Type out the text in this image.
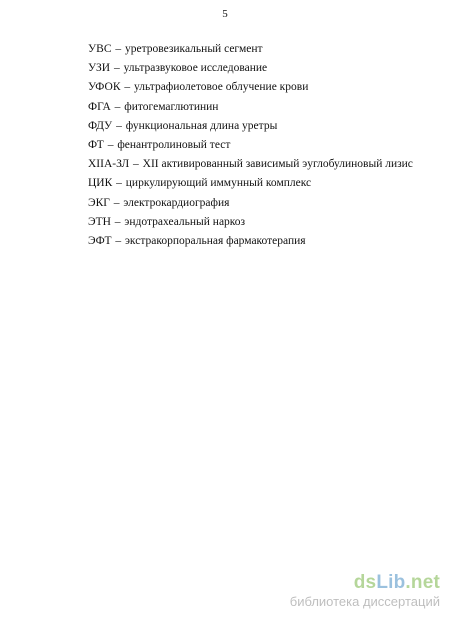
5
УВС – уретровезикальный сегмент
УЗИ – ультразвуковое исследование
УФОК – ультрафиолетовое облучение крови
ФГА – фитогемаглютинин
ФДУ – функциональная длина уретры
ФТ – фенантролиновый тест
XIIA-ЗЛ – XII активированный зависимый эуглобулиновый лизис
ЦИК – циркулирующий иммунный комплекс
ЭКГ – электрокардиография
ЭТН – эндотрахеальный наркоз
ЭФТ – экстракорпоральная фармакотерапия
dsLib.net
библиотека диссертаций
